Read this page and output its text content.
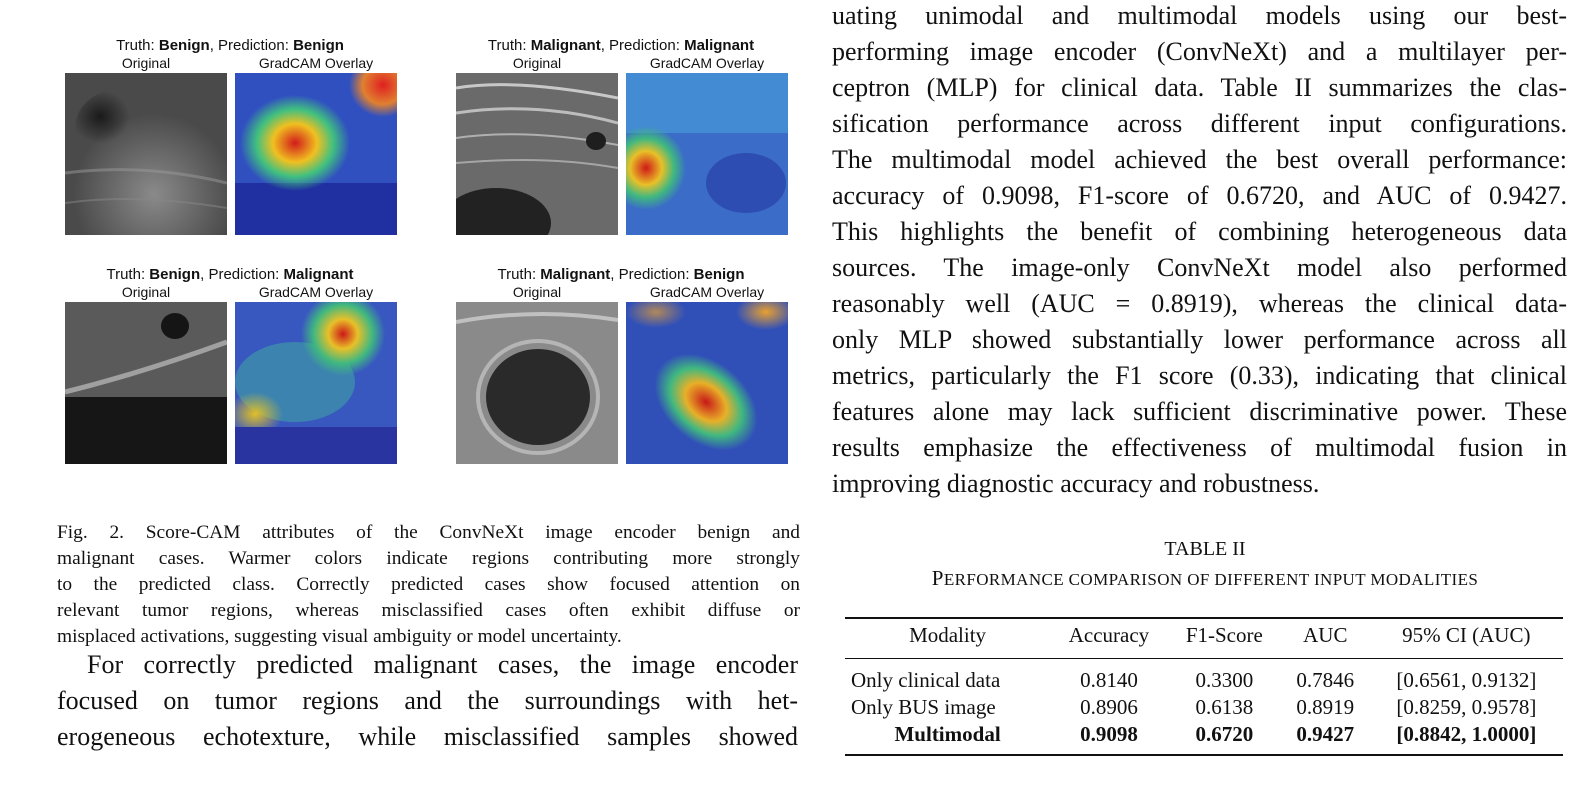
Truth: Benign, Prediction: Benign
Original	GradCAM Overlay
Truth: Malignant, Prediction: Malignant
Original	GradCAM Overlay
Truth: Benign, Prediction: Malignant
Original	GradCAM Overlay
Truth: Malignant, Prediction: Benign
Original	GradCAM Overlay
Fig. 2. Score-CAM attributes of the ConvNeXt image encoder benign and
malignant cases. Warmer colors indicate regions contributing more strongly
to the predicted class. Correctly predicted cases show focused attention on
relevant tumor regions, whereas misclassified cases often exhibit diffuse or
misplaced activations, suggesting visual ambiguity or model uncertainty.
For correctly predicted malignant cases, the image encoder
focused on tumor regions and the surroundings with het-
erogeneous echotexture, while misclassified samples showed
uating unimodal and multimodal models using our best-
performing image encoder (ConvNeXt) and a multilayer per-
ceptron (MLP) for clinical data. Table II summarizes the clas-
sification performance across different input configurations.
The multimodal model achieved the best overall performance:
accuracy of 0.9098, F1-score of 0.6720, and AUC of 0.9427.
This highlights the benefit of combining heterogeneous data
sources. The image-only ConvNeXt model also performed
reasonably well (AUC = 0.8919), whereas the clinical data-
only MLP showed substantially lower performance across all
metrics, particularly the F1 score (0.33), indicating that clinical
features alone may lack sufficient discriminative power. These
results emphasize the effectiveness of multimodal fusion in
improving diagnostic accuracy and robustness.
TABLE II
PERFORMANCE COMPARISON OF DIFFERENT INPUT MODALITIES
Modality	Accuracy	F1-Score	AUC	95% CI (AUC)
Only clinical data	0.8140	0.3300	0.7846	[0.6561, 0.9132]
Only BUS image	0.8906	0.6138	0.8919	[0.8259, 0.9578]
Multimodal	0.9098	0.6720	0.9427	[0.8842, 1.0000]
